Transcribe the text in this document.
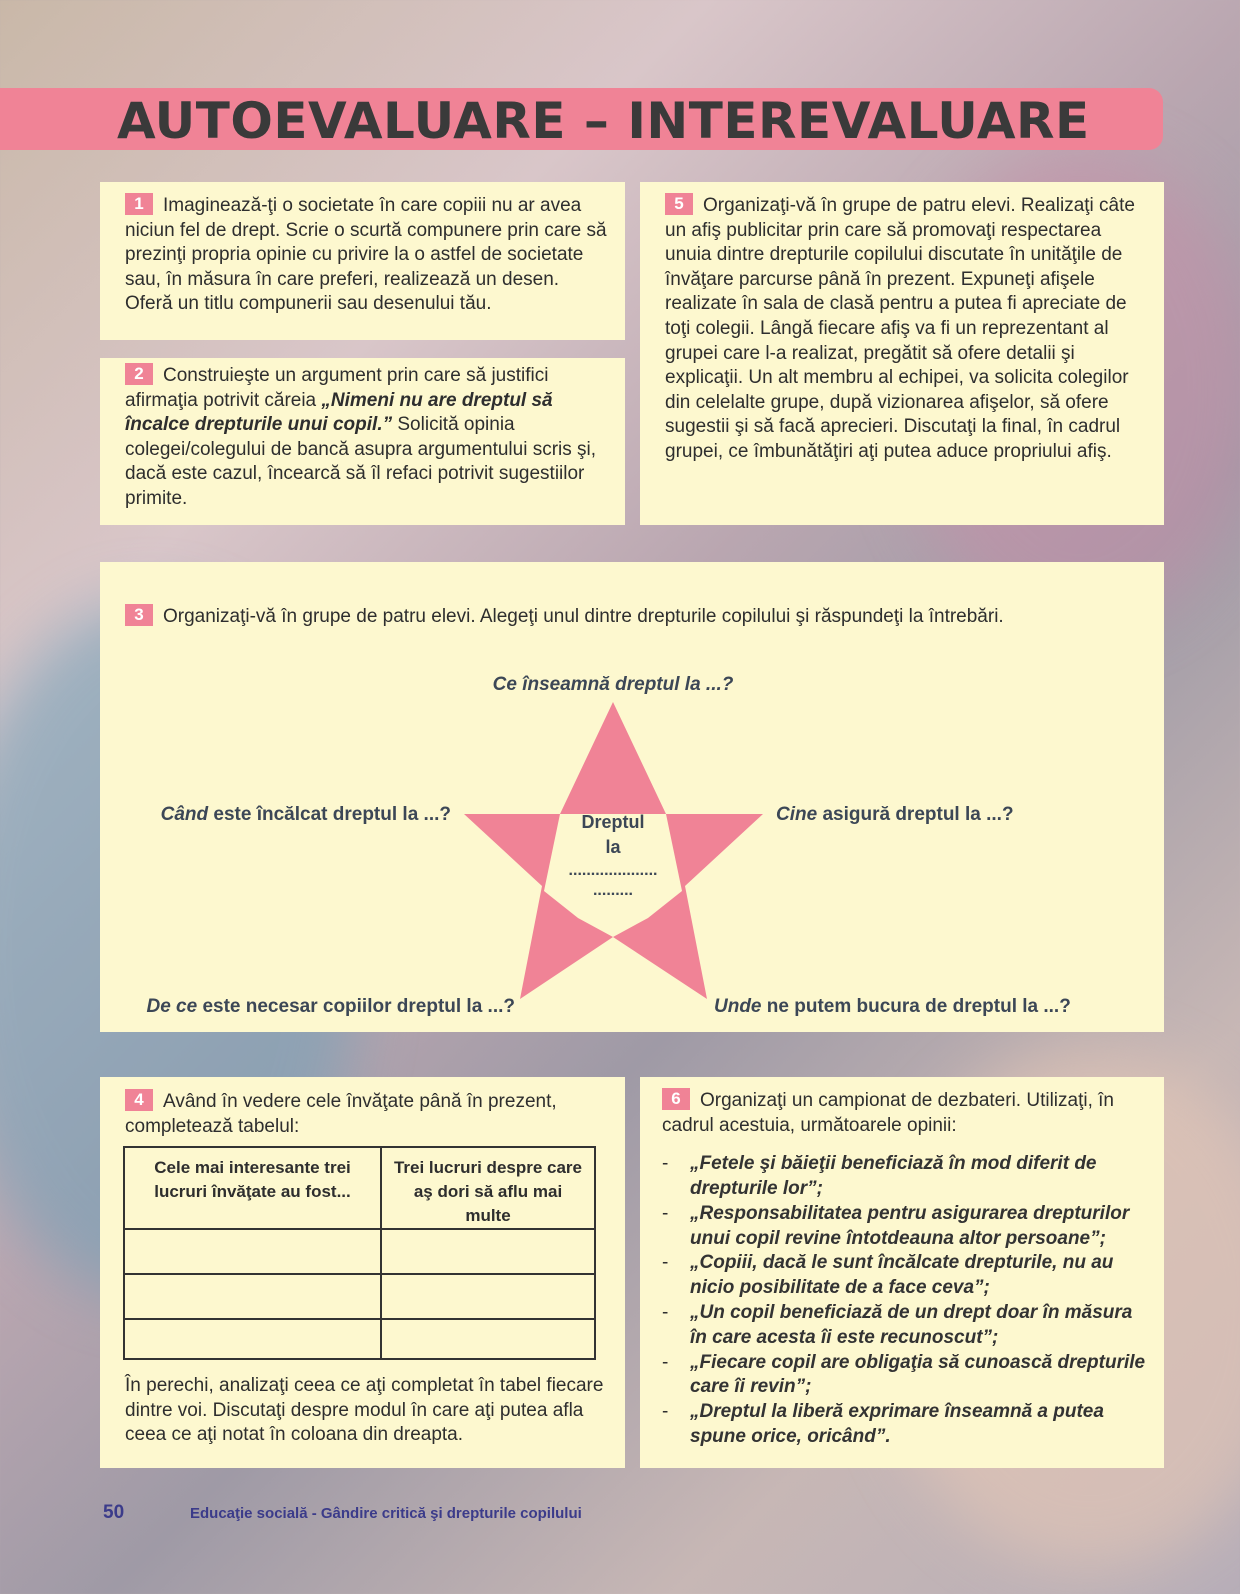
AUTOEVALUARE – INTEREVALUARE
1 Imaginează-ţi o societate în care copiii nu ar avea niciun fel de drept. Scrie o scurtă compunere prin care să prezinţi propria opinie cu privire la o astfel de societate sau, în măsura în care preferi, realizează un desen. Oferă un titlu compunerii sau desenului tău.
2 Construieşte un argument prin care să justifici afirmaţia potrivit căreia „Nimeni nu are dreptul să încalce drepturile unui copil.” Solicită opinia colegei/colegului de bancă asupra argumentului scris şi, dacă este cazul, încearcă să îl refaci potrivit sugestiilor primite.
5 Organizaţi-vă în grupe de patru elevi. Realizaţi câte un afiş publicitar prin care să promovaţi respectarea unuia dintre drepturile copilului discutate în unităţile de învăţare parcurse până în prezent. Expuneţi afişele realizate în sala de clasă pentru a putea fi apreciate de toţi colegii. Lângă fiecare afiş va fi un reprezentant al grupei care l-a realizat, pregătit să ofere detalii şi explicaţii. Un alt membru al echipei, va solicita colegilor din celelalte grupe, după vizionarea afişelor, să ofere sugestii şi să facă aprecieri. Discutaţi la final, în cadrul grupei, ce îmbunătăţiri aţi putea aduce propriului afiş.
3 Organizaţi-vă în grupe de patru elevi. Alegeţi unul dintre drepturile copilului şi răspundeţi la întrebări.
Dreptul
la
....................
.........
Ce înseamnă dreptul la ...?
Când este încălcat dreptul la ...?	Cine asigură dreptul la ...?
De ce este necesar copiilor dreptul la ...?	Unde ne putem bucura de dreptul la ...?
4 Având în vedere cele învăţate până în prezent, completează tabelul:
Cele mai interesante trei lucruri învăţate au fost...	Trei lucruri despre care aş dori să aflu mai multe

În perechi, analizaţi ceea ce aţi completat în tabel fiecare dintre voi. Discutaţi despre modul în care aţi putea afla ceea ce aţi notat în coloana din dreapta.
6 Organizaţi un campionat de dezbateri. Utilizaţi, în cadrul acestuia, următoarele opinii:
-	„Fetele şi băieţii beneficiază în mod diferit de drepturile lor”;
-	„Responsabilitatea pentru asigurarea drepturilor unui copil revine întotdeauna altor persoane”;
-	„Copiii, dacă le sunt încălcate drepturile, nu au nicio posibilitate de a face ceva”;
-	„Un copil beneficiază de un drept doar în măsura în care acesta îi este recunoscut”;
-	„Fiecare copil are obligaţia să cunoască drepturile care îi revin”;
-	„Dreptul la liberă exprimare înseamnă a putea spune orice, oricând”.
50	Educaţie socială - Gândire critică şi drepturile copilului
